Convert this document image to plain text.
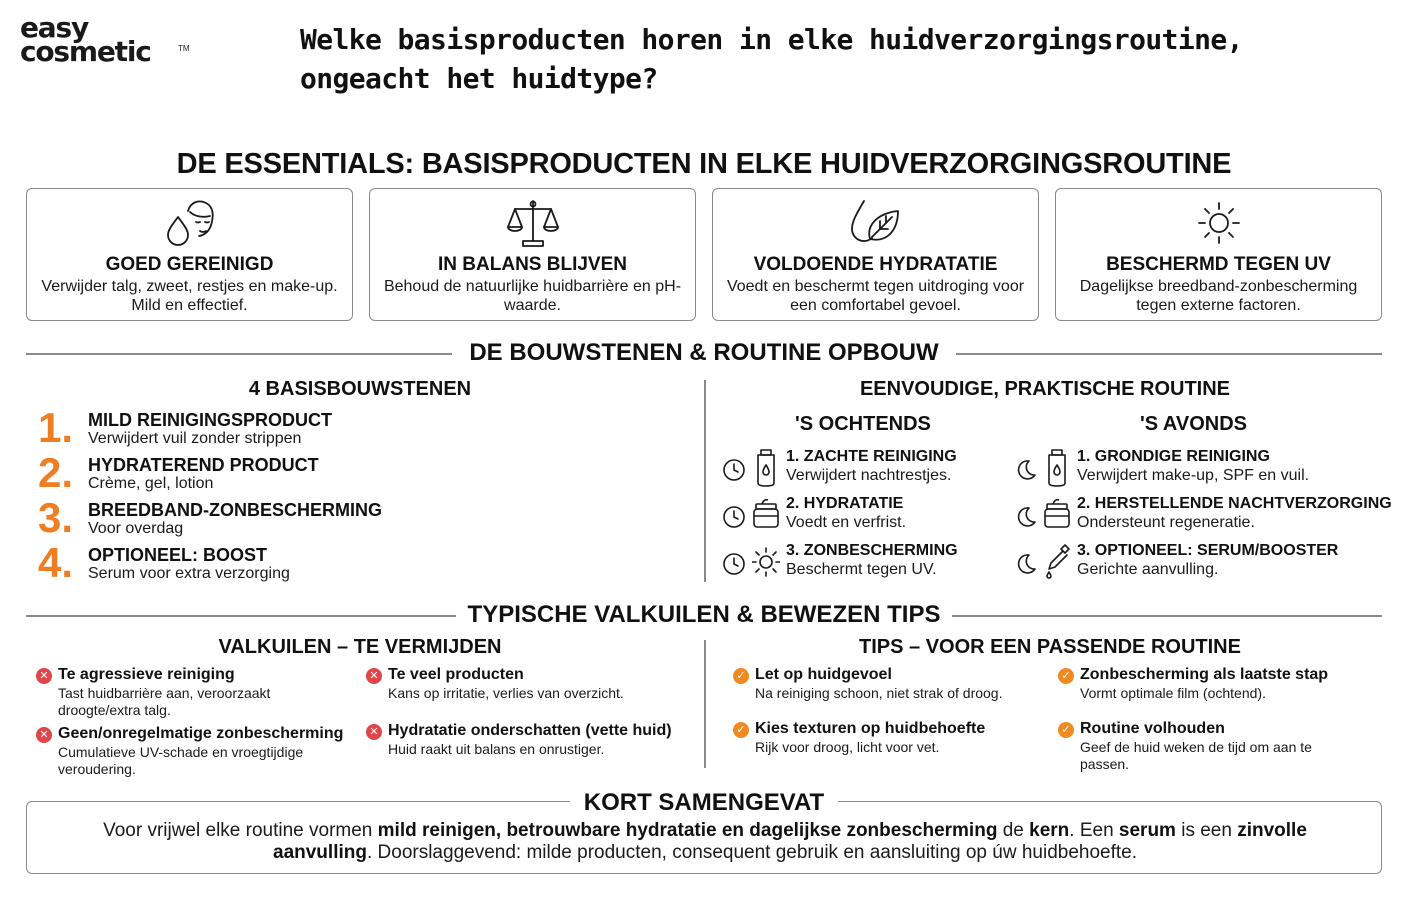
easy
cosmetic	TM	Welke basisproducten horen in elke huidverzorgingsroutine, ongeacht het huidtype?
DE ESSENTIALS: BASISPRODUCTEN IN ELKE HUIDVERZORGINGSROUTINE
GOED GEREINIGD
Verwijder talg, zweet, restjes en make-up. Mild en effectief.
IN BALANS BLIJVEN
Behoud de natuurlijke huidbarrière en pH-waarde.
VOLDOENDE HYDRATATIE
Voedt en beschermt tegen uitdroging voor een comfortabel gevoel.
BESCHERMD TEGEN UV
Dagelijkse breedband-zonbescherming tegen externe factoren.
DE BOUWSTENEN & ROUTINE OPBOUW
4 BASISBOUWSTENEN	EENVOUDIGE, PRAKTISCHE ROUTINE
1. MILD REINIGINGSPRODUCT
Verwijdert vuil zonder strippen
2. HYDRATEREND PRODUCT
Crème, gel, lotion
3. BREEDBAND-ZONBESCHERMING
Voor overdag
4. OPTIONEEL: BOOST
Serum voor extra verzorging
'S OCHTENDS
1. ZACHTE REINIGING
Verwijdert nachtrestjes.
2. HYDRATATIE
Voedt en verfrist.
3. ZONBESCHERMING
Beschermt tegen UV.
'S AVONDS
1. GRONDIGE REINIGING
Verwijdert make-up, SPF en vuil.
2. HERSTELLENDE NACHTVERZORGING
Ondersteunt regeneratie.
3. OPTIONEEL: SERUM/BOOSTER
Gerichte aanvulling.
TYPISCHE VALKUILEN & BEWEZEN TIPS
VALKUILEN – TE VERMIJDEN	TIPS – VOOR EEN PASSENDE ROUTINE
✕ Te agressieve reiniging
Tast huidbarrière aan, veroorzaakt droogte/extra talg.
✕ Te veel producten
Kans op irritatie, verlies van overzicht.
✕ Geen/onregelmatige zonbescherming
Cumulatieve UV-schade en vroegtijdige veroudering.
✕ Hydratatie onderschatten (vette huid)
Huid raakt uit balans en onrustiger.
✓ Let op huidgevoel
Na reiniging schoon, niet strak of droog.
✓ Zonbescherming als laatste stap
Vormt optimale film (ochtend).
✓ Kies texturen op huidbehoefte
Rijk voor droog, licht voor vet.
✓ Routine volhouden
Geef de huid weken de tijd om aan te passen.
KORT SAMENGEVAT
Voor vrijwel elke routine vormen mild reinigen, betrouwbare hydratatie en dagelijkse zonbescherming de kern. Een serum is een zinvolle aanvulling. Doorslaggevend: milde producten, consequent gebruik en aansluiting op úw huidbehoefte.
